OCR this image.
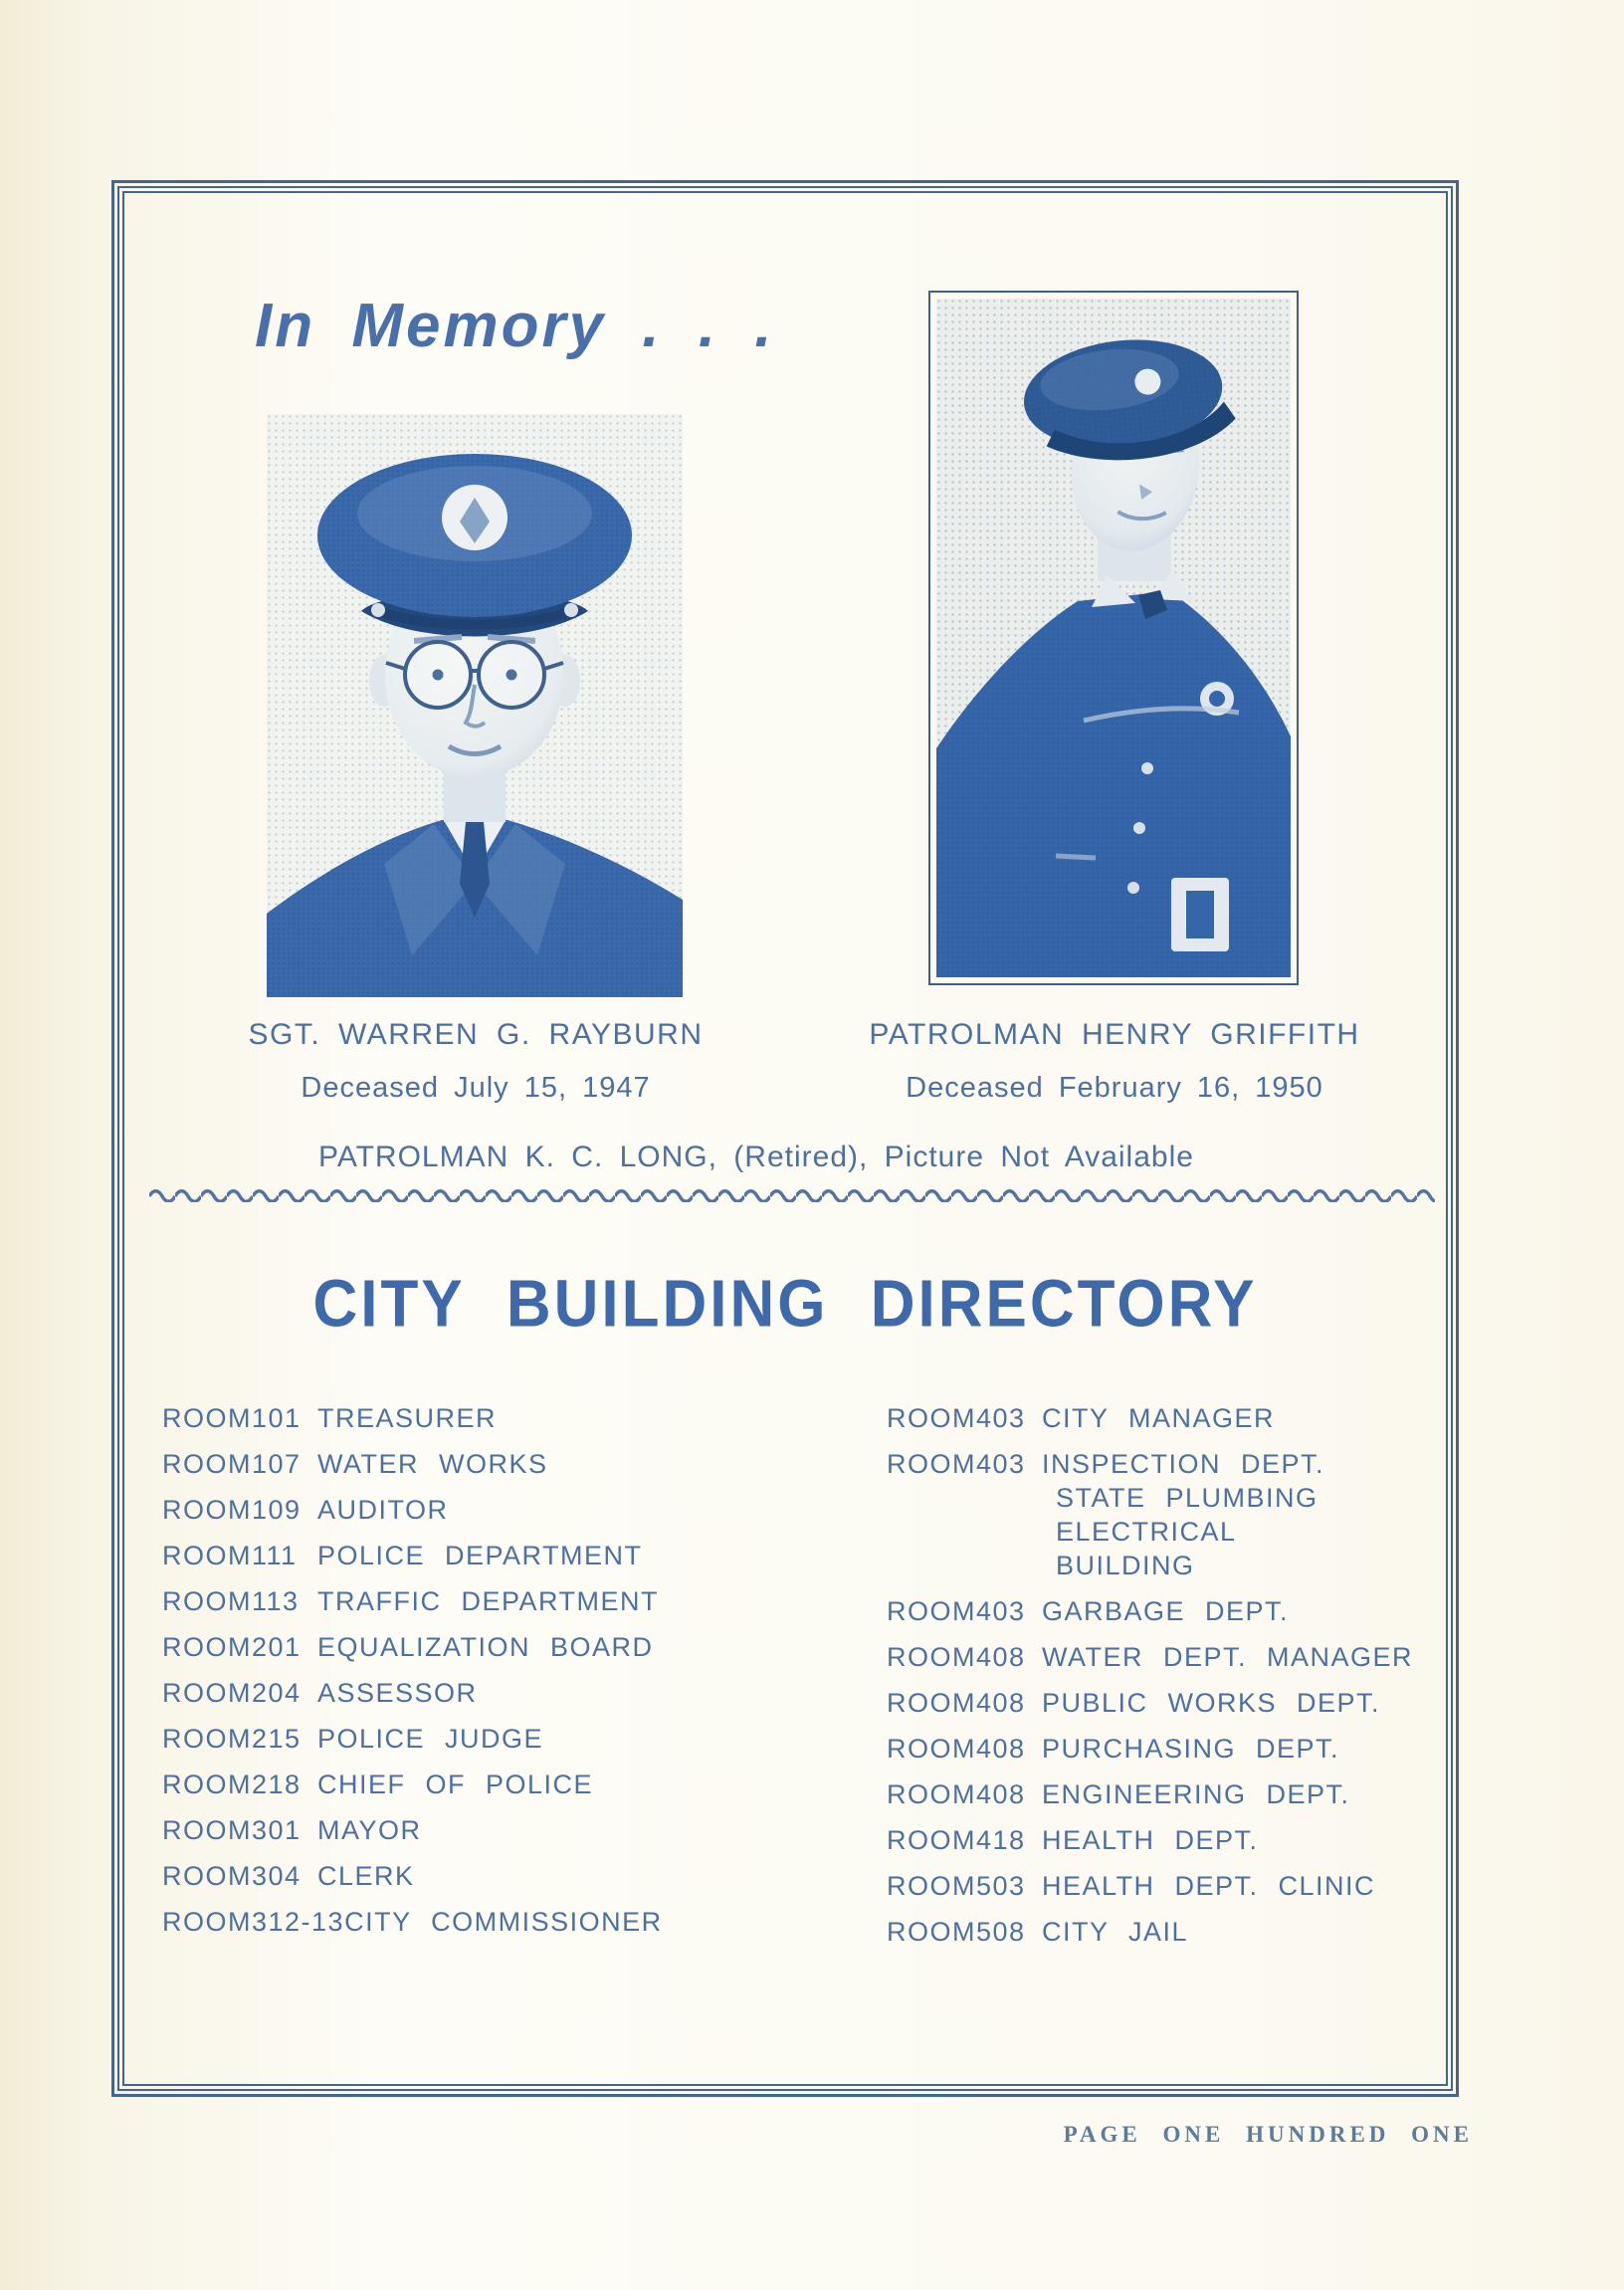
In Memory . . .
SGT. WARREN G. RAYBURN
Deceased July 15, 1947
PATROLMAN HENRY GRIFFITH
Deceased February 16, 1950
PATROLMAN K. C. LONG, (Retired), Picture Not Available
CITY BUILDING DIRECTORY
ROOM 101 TREASURER
ROOM 107 WATER WORKS
ROOM 109 AUDITOR
ROOM 111 POLICE DEPARTMENT
ROOM 113 TRAFFIC DEPARTMENT
ROOM 201 EQUALIZATION BOARD
ROOM 204 ASSESSOR
ROOM 215 POLICE JUDGE
ROOM 218 CHIEF OF POLICE
ROOM 301 MAYOR
ROOM 304 CLERK
ROOM 312-13 CITY COMMISSIONER
ROOM 403 CITY MANAGER
ROOM 403 INSPECTION DEPT.
STATE PLUMBING
ELECTRICAL
BUILDING
ROOM 403 GARBAGE DEPT.
ROOM 408 WATER DEPT. MANAGER
ROOM 408 PUBLIC WORKS DEPT.
ROOM 408 PURCHASING DEPT.
ROOM 408 ENGINEERING DEPT.
ROOM 418 HEALTH DEPT.
ROOM 503 HEALTH DEPT. CLINIC
ROOM 508 CITY JAIL
PAGE ONE HUNDRED ONE
